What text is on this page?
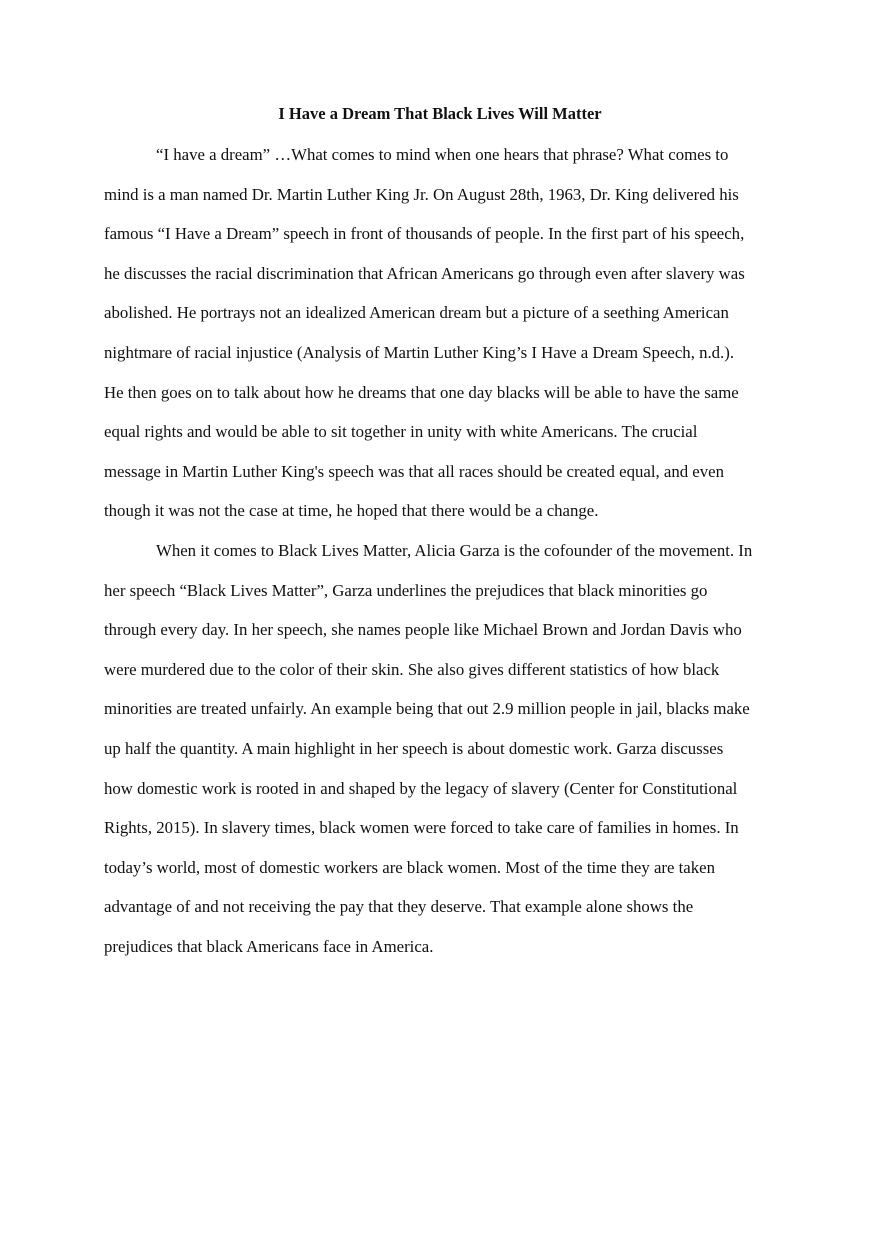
I Have a Dream That Black Lives Will Matter
“I have a dream” …What comes to mind when one hears that phrase? What comes to
mind is a man named Dr. Martin Luther King Jr. On August 28th, 1963, Dr. King delivered his
famous “I Have a Dream” speech in front of thousands of people. In the first part of his speech,
he discusses the racial discrimination that African Americans go through even after slavery was
abolished. He portrays not an idealized American dream but a picture of a seething American
nightmare of racial injustice (Analysis of Martin Luther King’s I Have a Dream Speech, n.d.).
He then goes on to talk about how he dreams that one day blacks will be able to have the same
equal rights and would be able to sit together in unity with white Americans. The crucial
message in Martin Luther King's speech was that all races should be created equal, and even
though it was not the case at time, he hoped that there would be a change.
When it comes to Black Lives Matter, Alicia Garza is the cofounder of the movement. In
her speech “Black Lives Matter”, Garza underlines the prejudices that black minorities go
through every day. In her speech, she names people like Michael Brown and Jordan Davis who
were murdered due to the color of their skin. She also gives different statistics of how black
minorities are treated unfairly. An example being that out 2.9 million people in jail, blacks make
up half the quantity. A main highlight in her speech is about domestic work. Garza discusses
how domestic work is rooted in and shaped by the legacy of slavery (Center for Constitutional
Rights, 2015). In slavery times, black women were forced to take care of families in homes. In
today’s world, most of domestic workers are black women. Most of the time they are taken
advantage of and not receiving the pay that they deserve. That example alone shows the
prejudices that black Americans face in America.
